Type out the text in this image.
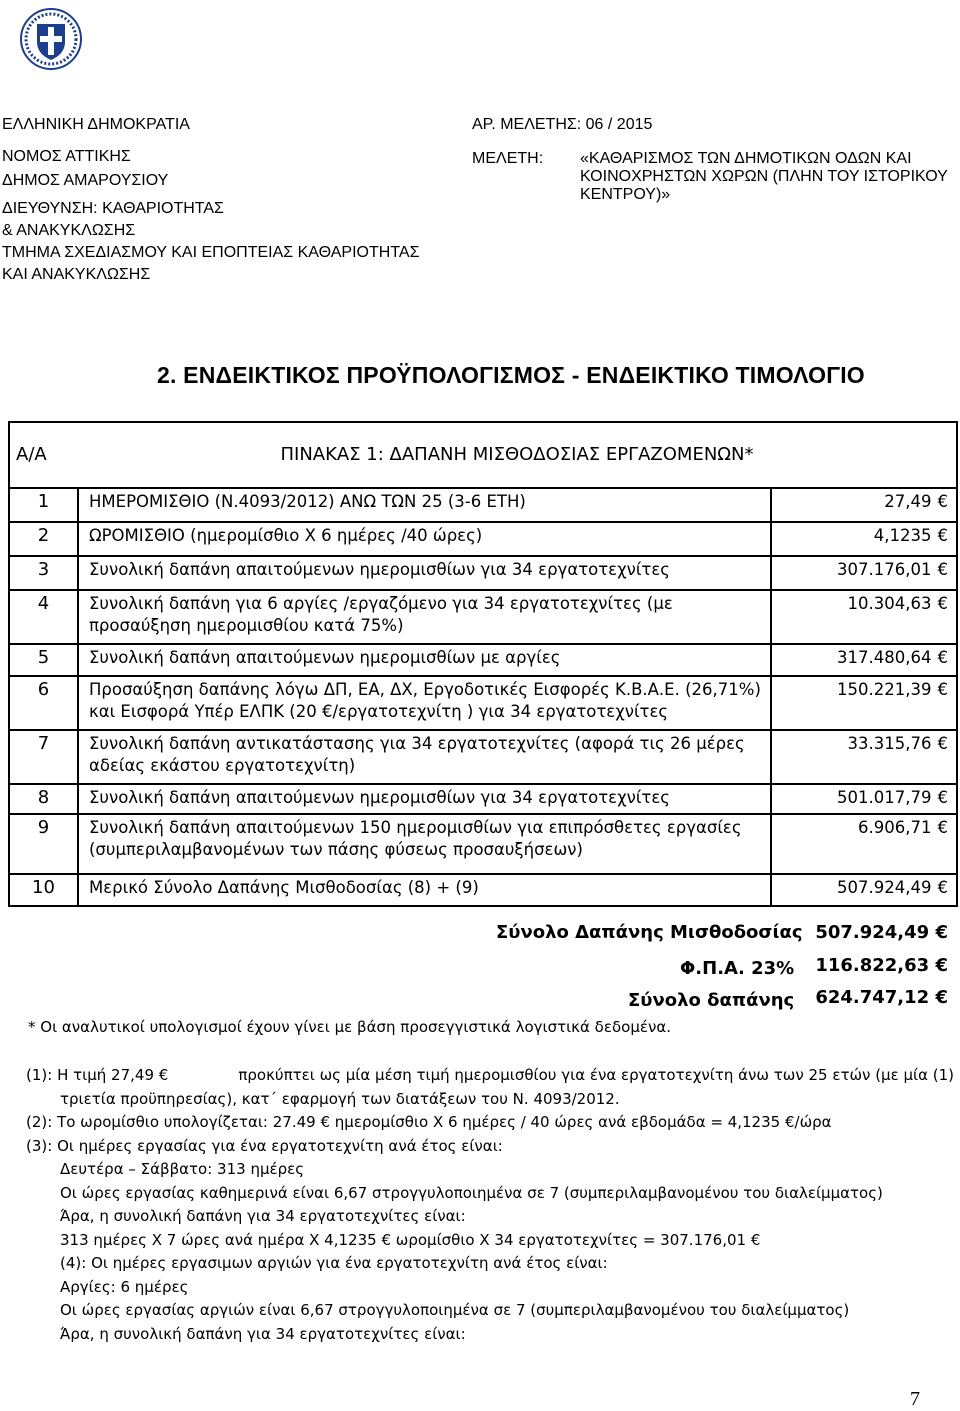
ΕΛΛΗΝΙΚΗ ΔΗΜΟΚΡΑΤΙΑ
ΝΟΜΟΣ ΑΤΤΙΚΗΣ
ΔΗΜΟΣ ΑΜΑΡΟΥΣΙΟΥ
ΔΙΕΥΘΥΝΣΗ: ΚΑΘΑΡΙΟΤΗΤΑΣ
& ΑΝΑΚΥΚΛΩΣΗΣ
ΤΜΗΜΑ ΣΧΕΔΙΑΣΜΟΥ ΚΑΙ ΕΠΟΠΤΕΙΑΣ ΚΑΘΑΡΙΟΤΗΤΑΣ
ΚΑΙ ΑΝΑΚΥΚΛΩΣΗΣ
ΑΡ. ΜΕΛΕΤΗΣ: 06 / 2015
ΜΕΛΕΤΗ: «ΚΑΘΑΡΙΣΜΟΣ ΤΩΝ ΔΗΜΟΤΙΚΩΝ ΟΔΩΝ ΚΑΙ
ΚΟΙΝΟΧΡΗΣΤΩΝ ΧΩΡΩΝ (ΠΛΗΝ ΤΟΥ ΙΣΤΟΡΙΚΟΥ
ΚΕΝΤΡΟΥ)»
2. ΕΝΔΕΙΚΤΙΚΟΣ ΠΡΟΫΠΟΛΟΓΙΣΜΟΣ - ΕΝΔΕΙΚΤΙΚΟ ΤΙΜΟΛΟΓΙΟ
Α/Α	ΠΙΝΑΚΑΣ 1: ΔΑΠΑΝΗ ΜΙΣΘΟΔΟΣΙΑΣ ΕΡΓΑΖΟΜΕΝΩΝ*	
1	ΗΜΕΡΟΜΙΣΘΙΟ (Ν.4093/2012) ΑΝΩ ΤΩΝ 25 (3-6 ΕΤΗ)	27,49 €
2	ΩΡΟΜΙΣΘΙΟ (ημερομίσθιο Χ 6 ημέρες /40 ώρες)	4,1235 €
3	Συνολική δαπάνη απαιτούμενων ημερομισθίων για 34 εργατοτεχνίτες	307.176,01 €
4	Συνολική δαπάνη για 6 αργίες /εργαζόμενο για 34 εργατοτεχνίτες (με προσαύξηση ημερομισθίου κατά 75%)	10.304,63 €
5	Συνολική δαπάνη απαιτούμενων ημερομισθίων με αργίες	317.480,64 €
6	Προσαύξηση δαπάνης λόγω ΔΠ, ΕΑ, ΔΧ, Εργοδοτικές Εισφορές Κ.Β.Α.Ε. (26,71%) και Εισφορά Υπέρ ΕΛΠΚ (20 €/εργατοτεχνίτη ) για 34 εργατοτεχνίτες	150.221,39 €
7	Συνολική δαπάνη αντικατάστασης για 34 εργατοτεχνίτες (αφορά τις 26 μέρες αδείας εκάστου εργατοτεχνίτη)	33.315,76 €
8	Συνολική δαπάνη απαιτούμενων ημερομισθίων για 34 εργατοτεχνίτες	501.017,79 €
9	Συνολική δαπάνη απαιτούμενων 150 ημερομισθίων για επιπρόσθετες εργασίες (συμπεριλαμβανομένων των πάσης φύσεως προσαυξήσεων)	6.906,71 €
10	Μερικό Σύνολο Δαπάνης Μισθοδοσίας (8) + (9)	507.924,49 €
Σύνολο Δαπάνης Μισθοδοσίας 507.924,49 €
Φ.Π.Α. 23% 116.822,63 €
Σύνολο δαπάνης 624.747,12 €
* Οι αναλυτικοί υπολογισμοί έχουν γίνει με βάση προσεγγιστικά λογιστικά δεδομένα.
(1): Η τιμή 27,49 €	προκύπτει ως μία μέση τιμή ημερομισθίου για ένα εργατοτεχνίτη άνω των 25 ετών (με μία (1)
τριετία προϋπηρεσίας), κατ΄ εφαρμογή των διατάξεων του Ν. 4093/2012.
(2): Το ωρομίσθιο υπολογίζεται: 27.49 € ημερομίσθιο Χ 6 ημέρες / 40 ώρες ανά εβδομάδα = 4,1235 €/ώρα
(3): Οι ημέρες εργασίας για ένα εργατοτεχνίτη ανά έτος είναι:
Δευτέρα – Σάββατο: 313 ημέρες
Οι ώρες εργασίας καθημερινά είναι 6,67 στρογγυλοποιημένα σε 7 (συμπεριλαμβανομένου του διαλείμματος)
Άρα, η συνολική δαπάνη για 34 εργατοτεχνίτες είναι:
313 ημέρες Χ 7 ώρες ανά ημέρα Χ 4,1235 € ωρομίσθιο Χ 34 εργατοτεχνίτες = 307.176,01 €
(4): Οι ημέρες εργασιμων αργιών για ένα εργατοτεχνίτη ανά έτος είναι:
Αργίες: 6 ημέρες
Οι ώρες εργασίας αργιών είναι 6,67 στρογγυλοποιημένα σε 7 (συμπεριλαμβανομένου του διαλείμματος)
Άρα, η συνολική δαπάνη για 34 εργατοτεχνίτες είναι:
7
